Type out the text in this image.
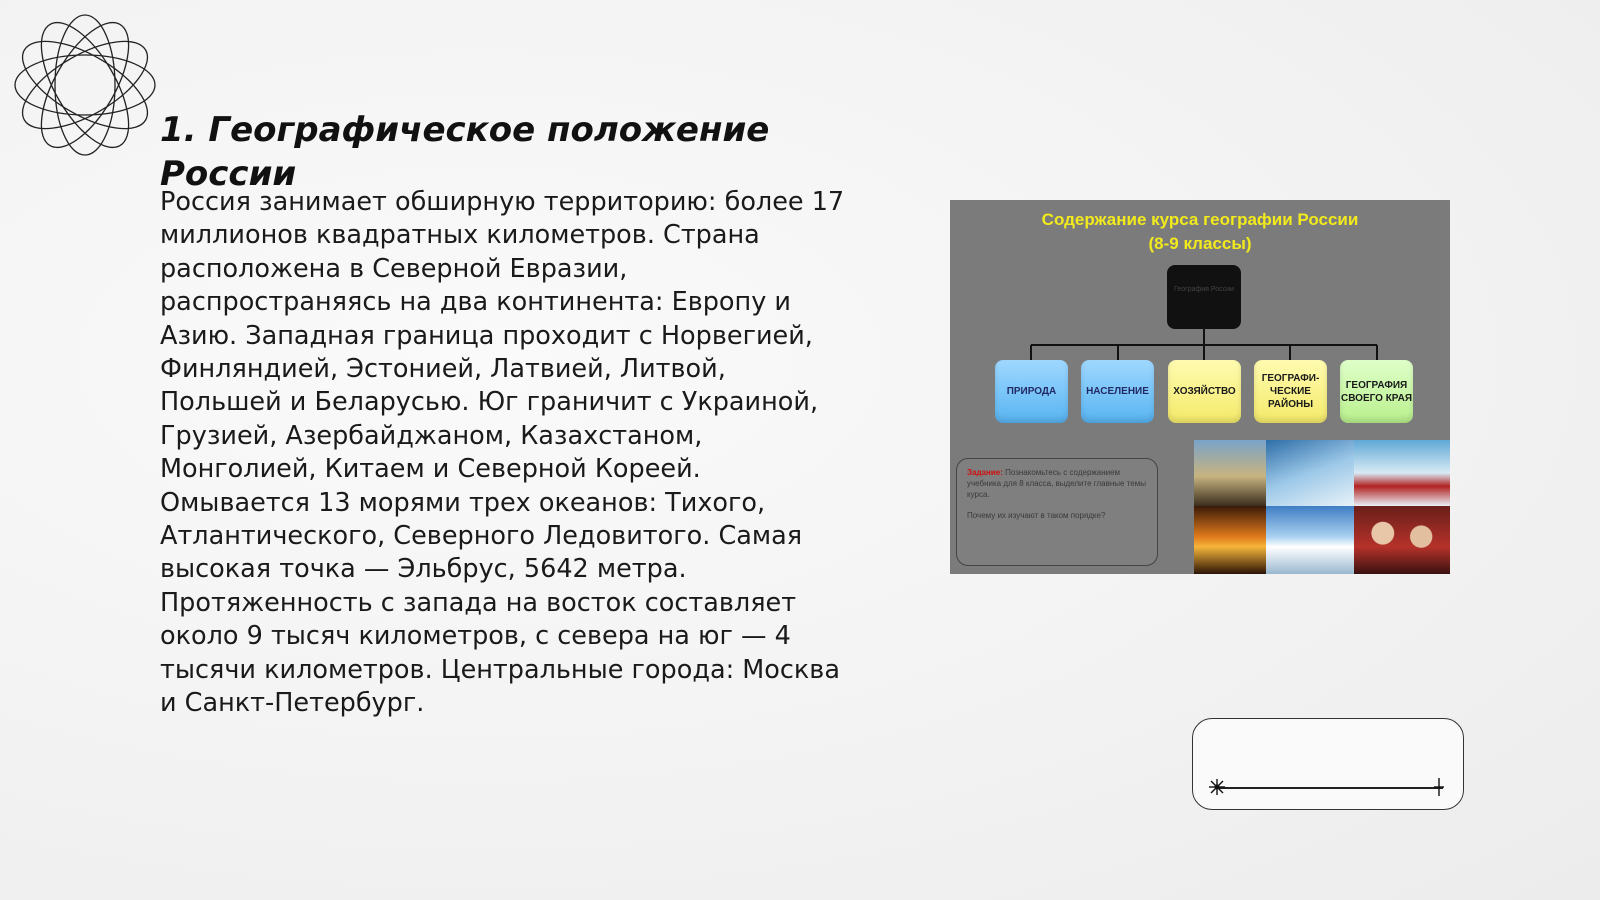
1. Географическое положение России

Россия занимает обширную территорию: более 17 миллионов квадратных километров. Страна расположена в Северной Евразии, распространяясь на два континента: Европу и Азию. Западная граница проходит с Норвегией, Финляндией, Эстонией, Латвией, Литвой, Польшей и Беларусью. Юг граничит с Украиной, Грузией, Азербайджаном, Казахстаном, Монголией, Китаем и Северной Кореей. Омывается 13 морями трех океанов: Тихого, Атлантического, Северного Ледовитого. Самая высокая точка — Эльбрус, 5642 метра. Протяженность с запада на восток составляет около 9 тысяч километров, с севера на юг — 4 тысячи километров. Центральные города: Москва и Санкт-Петербург.

Содержание курса географии России
(8-9 классы)
География России
ПРИРОДА	НАСЕЛЕНИЕ	ХОЗЯЙСТВО
ГЕОГРАФИ-ЧЕСКИЕ РАЙОНЫ
ГЕОГРАФИЯ СВОЕГО КРАЯ
Задание: Познакомьтесь с содержанием учебника для 8 класса, выделите главные темы курса.
Почему их изучают в таком порядке?
